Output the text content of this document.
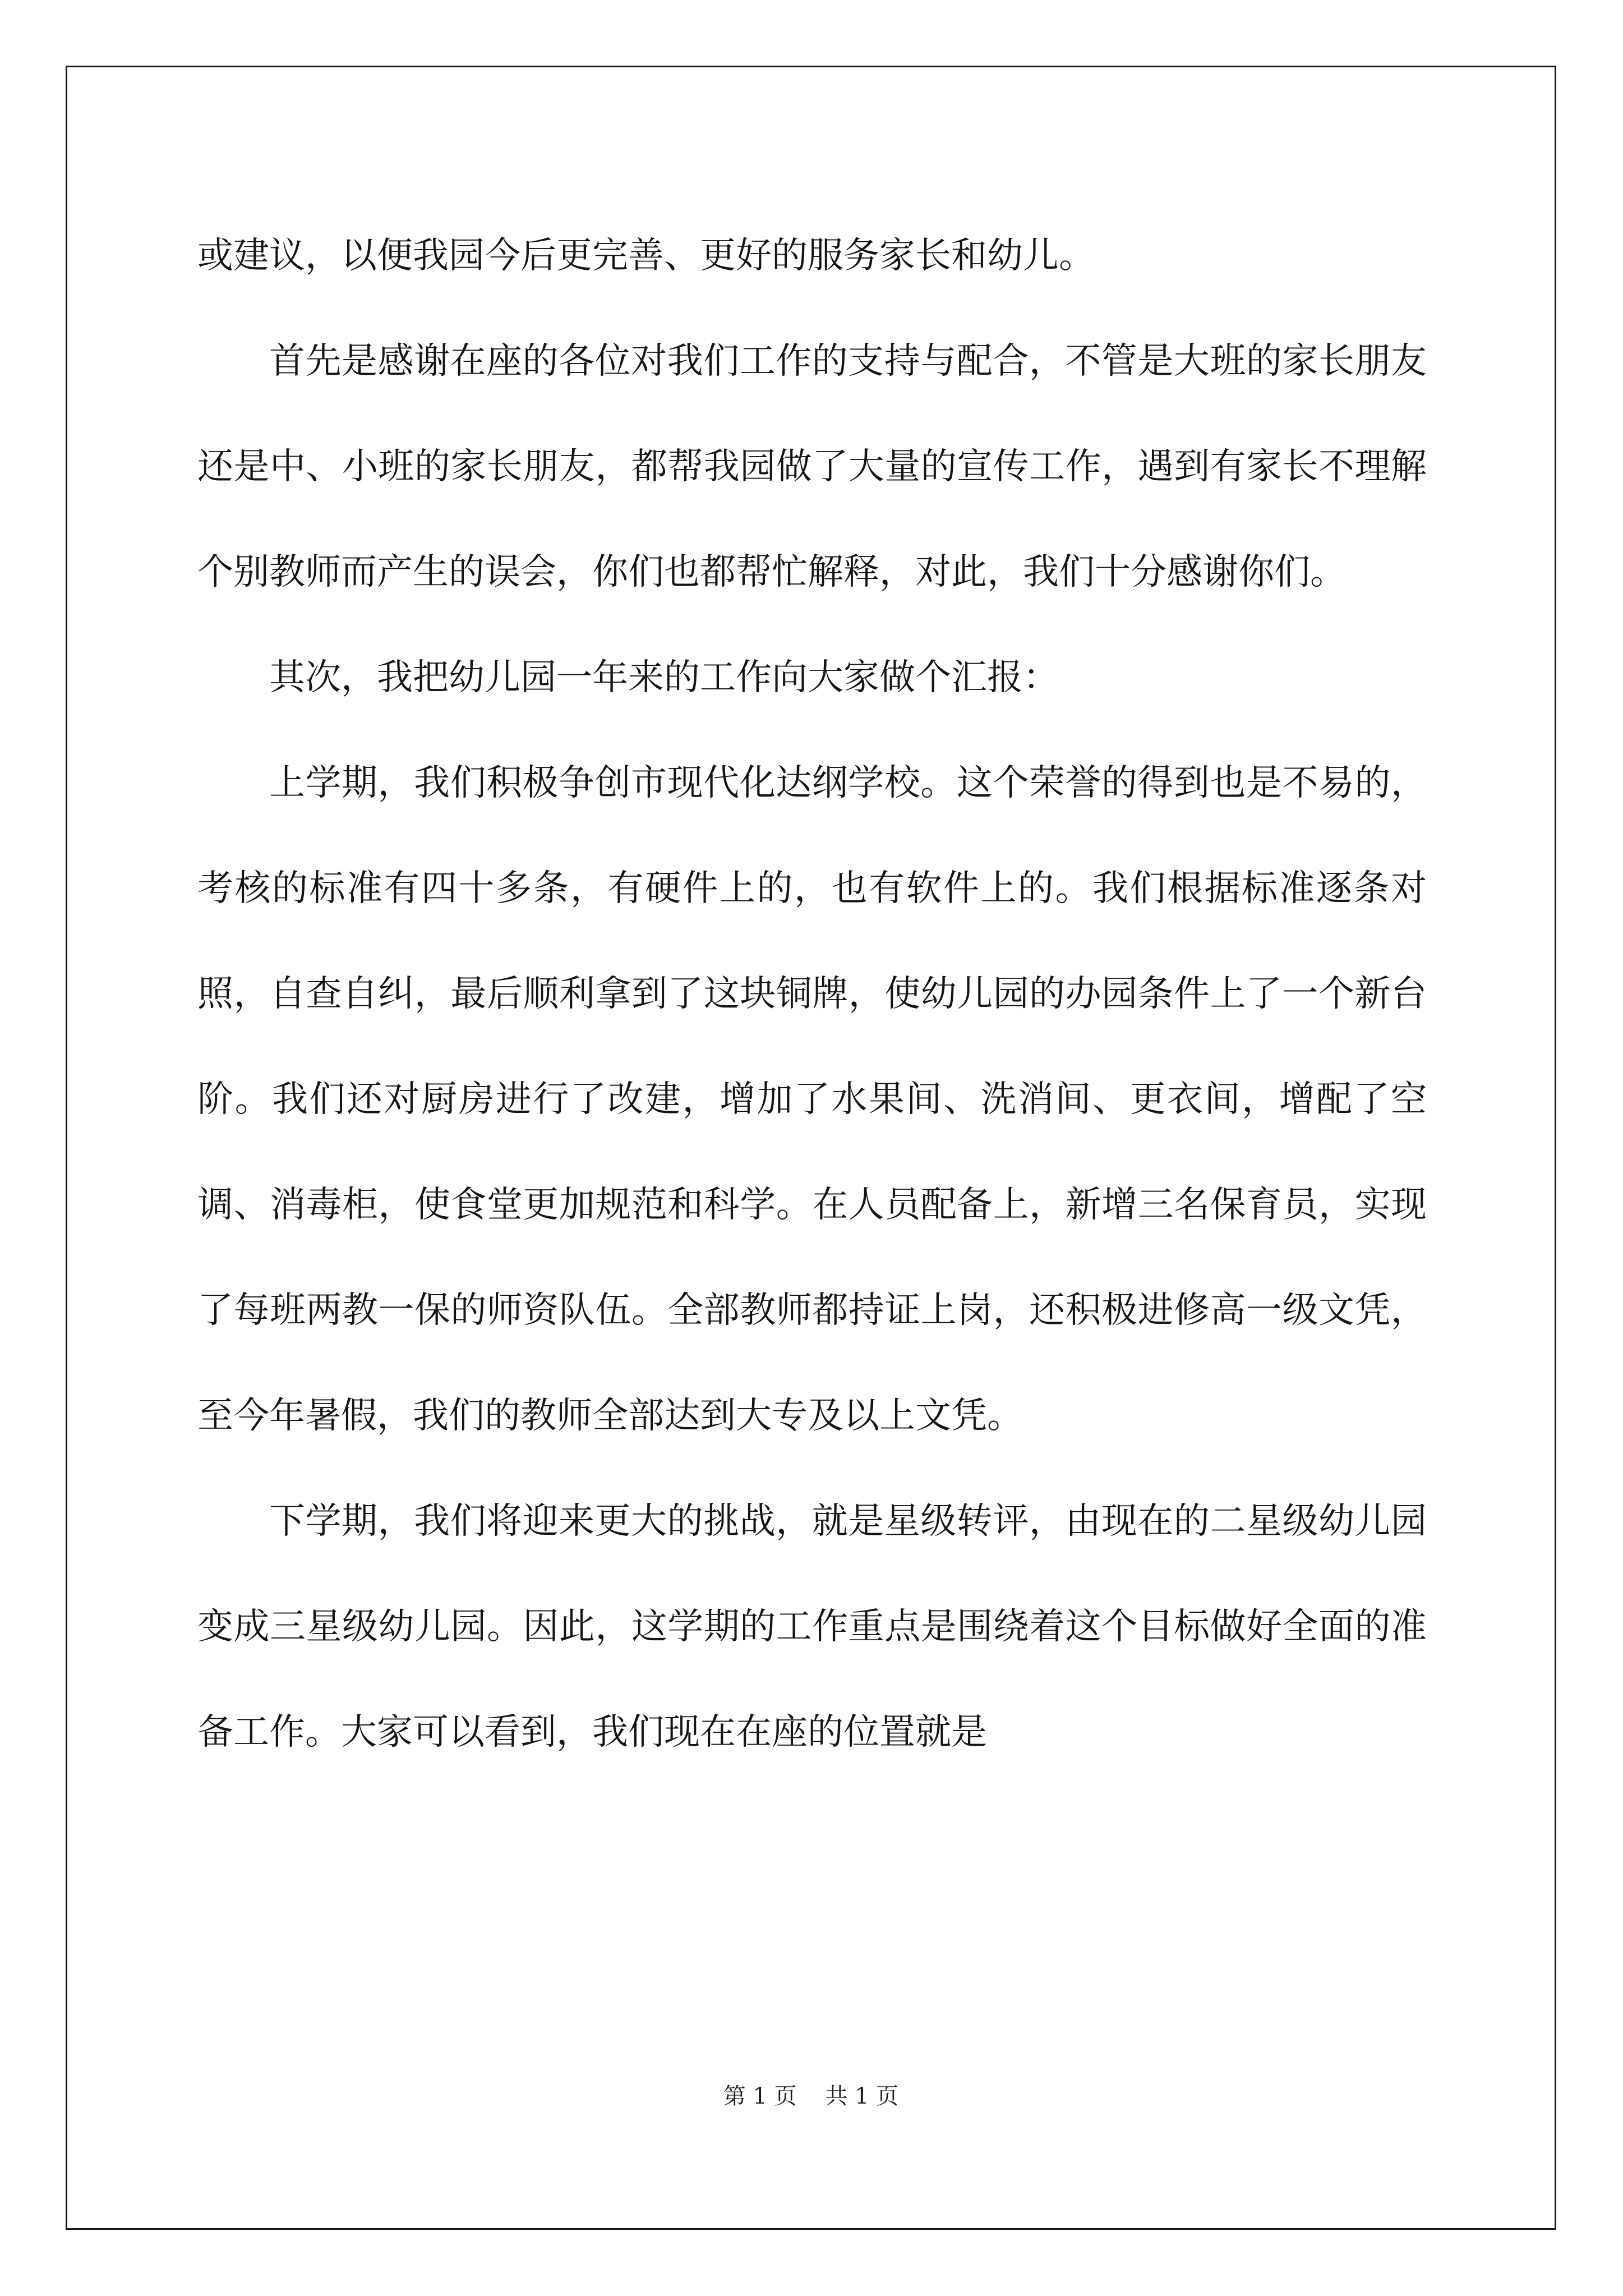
或建议，以便我园今后更完善、更好的服务家长和幼儿。

首先是感谢在座的各位对我们工作的支持与配合，不管是大班的家长朋友还是中、小班的家长朋友，都帮我园做了大量的宣传工作，遇到有家长不理解个别教师而产生的误会，你们也都帮忙解释，对此，我们十分感谢你们。

其次，我把幼儿园一年来的工作向大家做个汇报：

上学期，我们积极争创市现代化达纲学校。这个荣誉的得到也是不易的，考核的标准有四十多条，有硬件上的，也有软件上的。我们根据标准逐条对照，自查自纠，最后顺利拿到了这块铜牌，使幼儿园的办园条件上了一个新台阶。我们还对厨房进行了改建，增加了水果间、洗消间、更衣间，增配了空调、消毒柜，使食堂更加规范和科学。在人员配备上，新增三名保育员，实现了每班两教一保的师资队伍。全部教师都持证上岗，还积极进修高一级文凭，至今年暑假，我们的教师全部达到大专及以上文凭。

下学期，我们将迎来更大的挑战，就是星级转评，由现在的二星级幼儿园变成三星级幼儿园。因此，这学期的工作重点是围绕着这个目标做好全面的准备工作。大家可以看到，我们现在在座的位置就是

第 1 页    共 1 页
